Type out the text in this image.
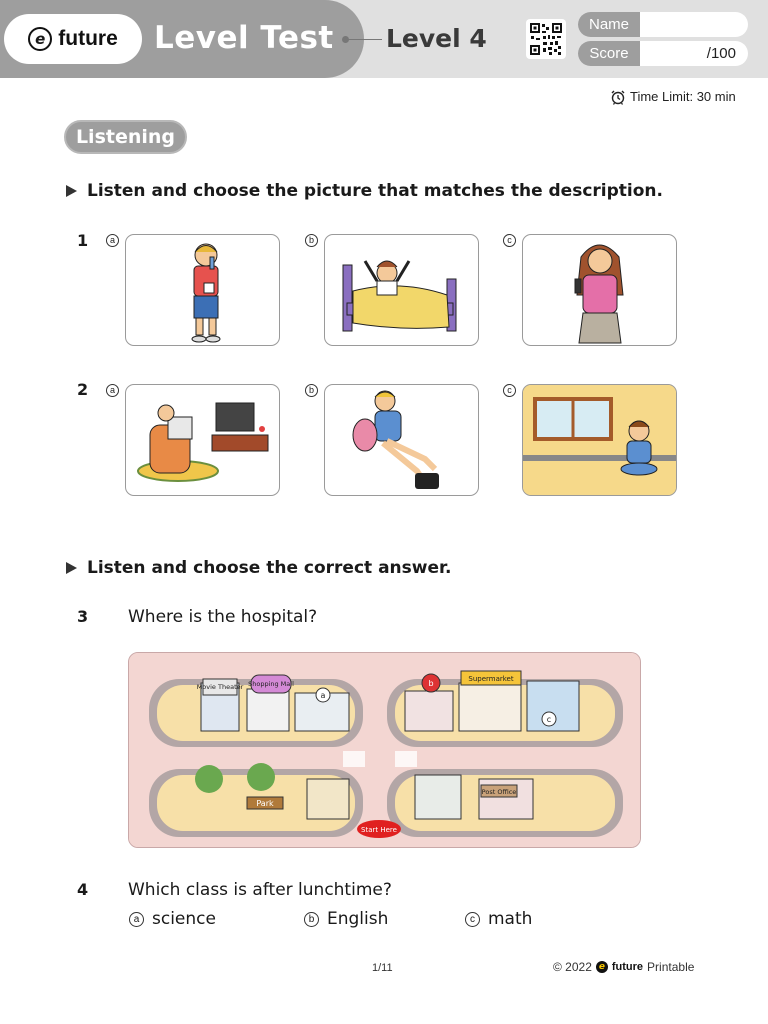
e future Level Test Level 4	Name
Score	/100
Time Limit: 30 min
Listening
Listen and choose the picture that matches the description.
1	a	b	c
2	a	b	c
Listen and choose the correct answer.
3 Where is the hospital?
Movie Theater Shopping Mall
a
b	Supermarket
c
Park
Post Office
Start Here
4 Which class is after lunchtime?
a science	b English	c math
1/11	© 2022 e future Printable
